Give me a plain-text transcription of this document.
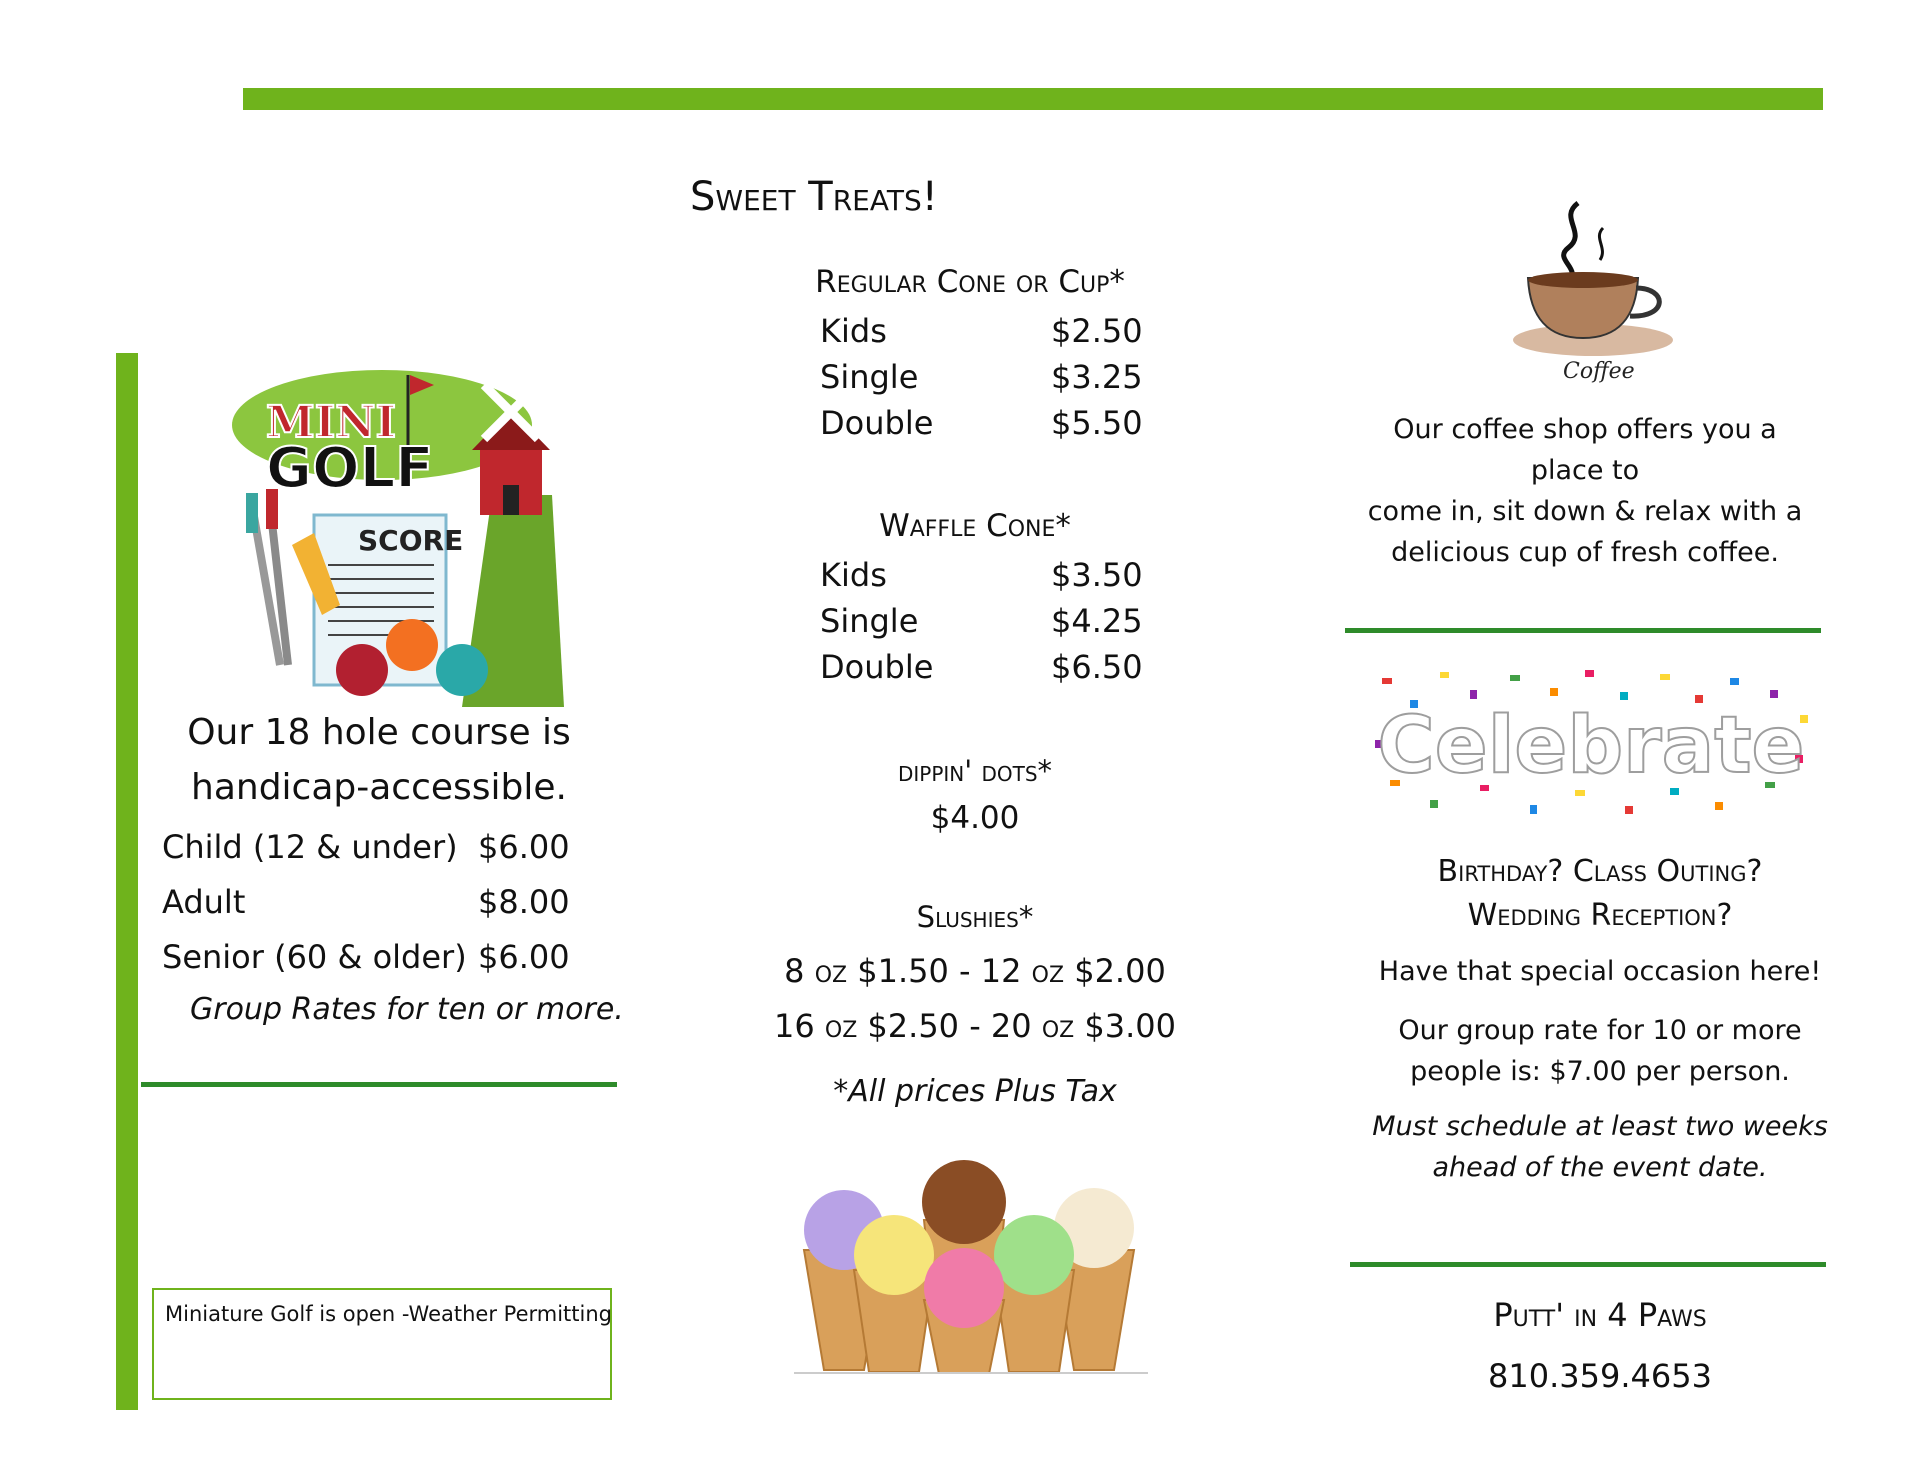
SCORE
MINI
GOLF
Our 18 hole course is
handicap-accessible.
Child (12 & under) $6.00
Adult	$8.00
Senior (60 & older) $6.00
Group Rates for ten or more.
Miniature Golf is open -Weather Permitting
Sweet Treats!
Regular Cone or Cup*
Kids	$2.50
Single	$3.25
Double	$5.50
Waffle Cone*
Kids	$3.50
Single	$4.25
Double	$6.50
dippin' dots*
$4.00
Slushies*
8 oz $1.50 - 12 oz $2.00
16 oz $2.50 - 20 oz $3.00
*All prices Plus Tax
Coffee
Our coffee shop offers you a place to
come in, sit down & relax with a
delicious cup of fresh coffee.
Celebrate
Birthday? Class Outing?
Wedding Reception?
Have that special occasion here!
Our group rate for 10 or more
people is: $7.00 per person.
Must schedule at least two weeks
ahead of the event date.
Putt' in 4 Paws
810.359.4653
